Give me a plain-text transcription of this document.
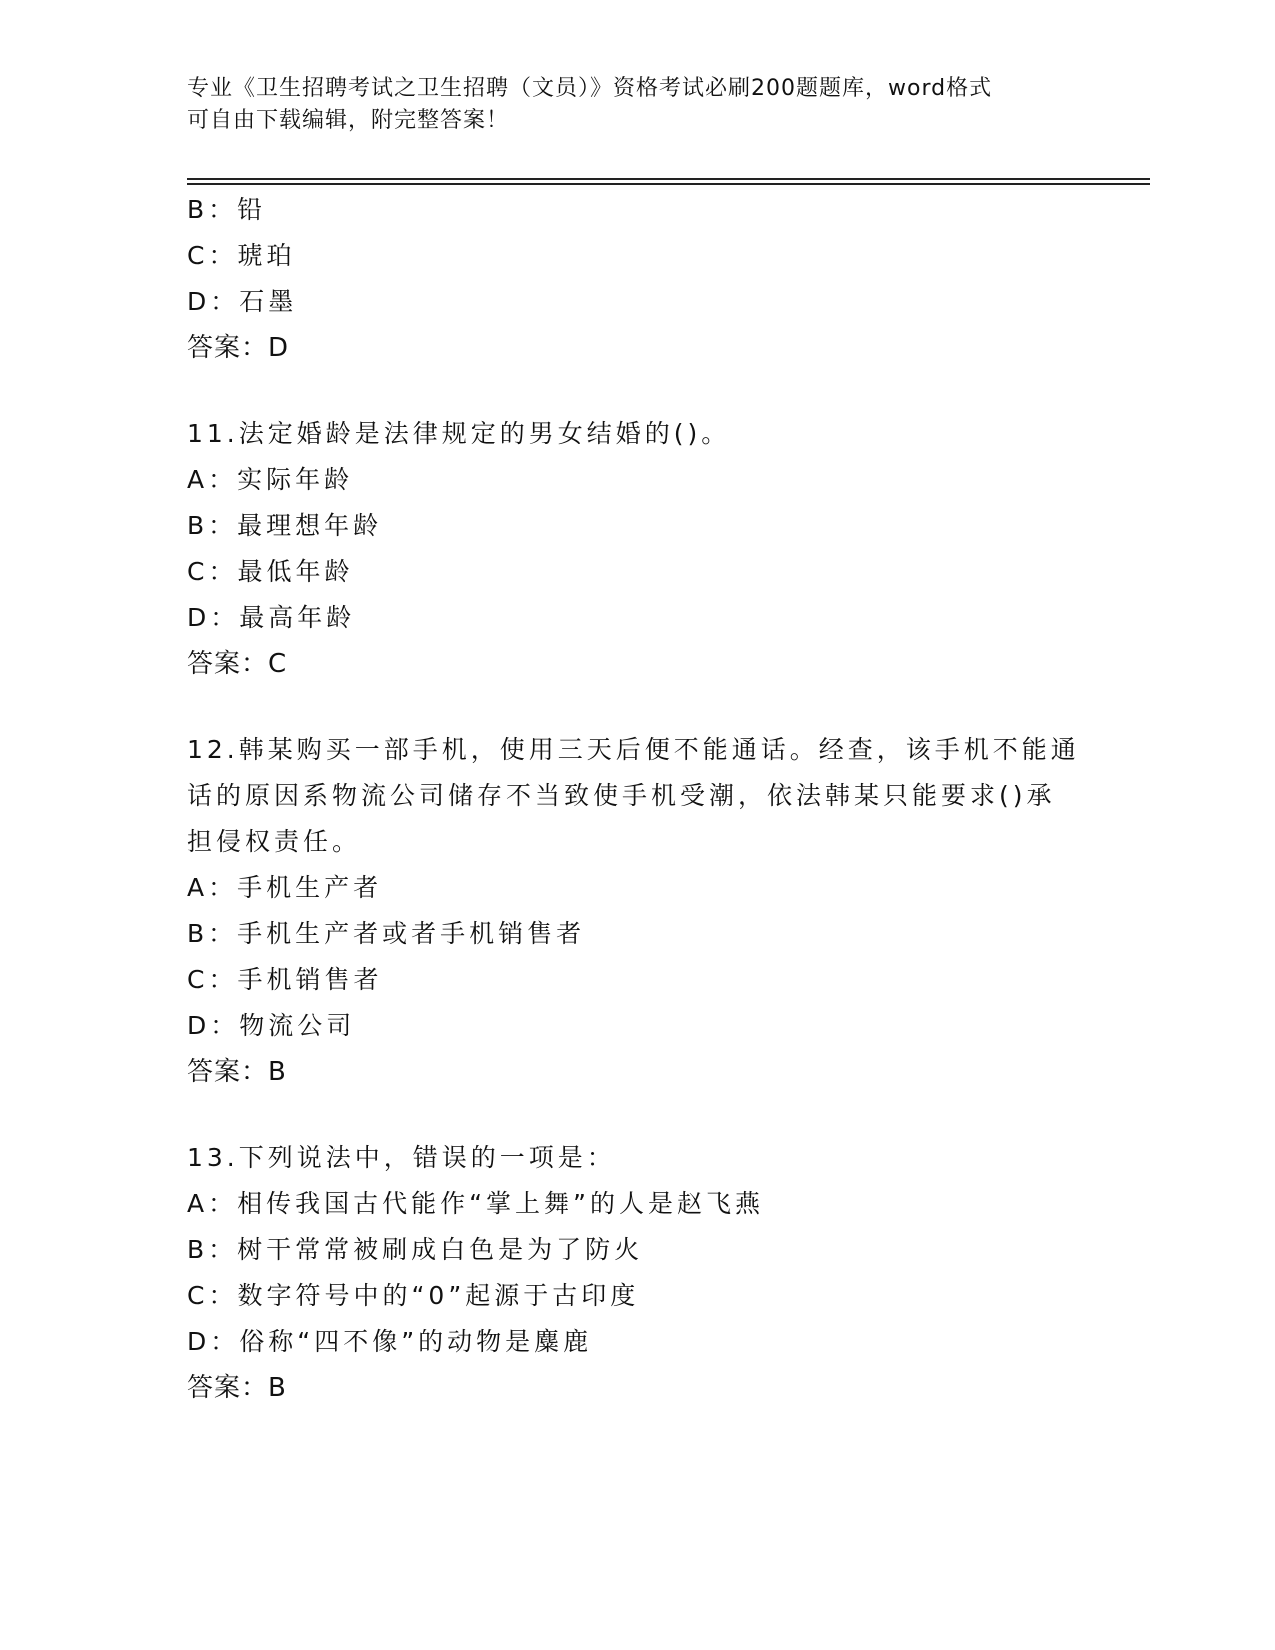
专业《卫生招聘考试之卫生招聘（文员）》资格考试必刷200题题库，word格式
可自由下载编辑，附完整答案！
B：铅
C：琥珀
D：石墨
答案：D
11.法定婚龄是法律规定的男女结婚的()。
A：实际年龄
B：最理想年龄
C：最低年龄
D：最高年龄
答案：C
12.韩某购买一部手机，使用三天后便不能通话。经查，该手机不能通
话的原因系物流公司储存不当致使手机受潮，依法韩某只能要求()承
担侵权责任。
A：手机生产者
B：手机生产者或者手机销售者
C：手机销售者
D：物流公司
答案：B
13.下列说法中，错误的一项是：
A：相传我国古代能作“掌上舞”的人是赵飞燕
B：树干常常被刷成白色是为了防火
C：数字符号中的“0”起源于古印度
D：俗称“四不像”的动物是麋鹿
答案：B
